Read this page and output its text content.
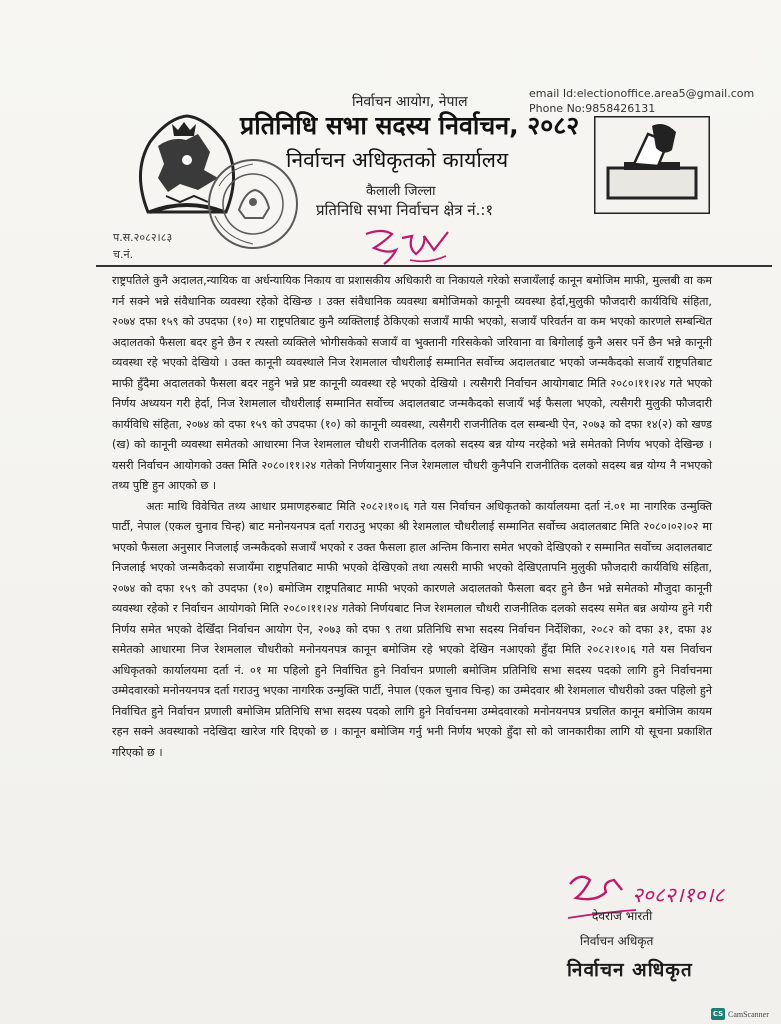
निर्वाचन आयोग, नेपाल
प्रतिनिधि सभा सदस्य निर्वाचन, २०८२
निर्वाचन अधिकृतको कार्यालय
कैलाली जिल्ला
प्रतिनिधि सभा निर्वाचन क्षेत्र नं.:१
email Id:electionoffice.area5@gmail.com
Phone No:9858426131
प.स.२०८२।८३
च.नं.

राष्ट्रपतिले कुनै अदालत,न्यायिक वा अर्धन्यायिक निकाय वा प्रशासकीय अधिकारी वा निकायले गरेको सजायँलाई कानून बमोजिम माफी, मुल्तबी वा कम गर्न सक्ने भन्ने संवैधानिक व्यवस्था रहेको देखिन्छ । उक्त संवैधानिक व्यवस्था बमोजिमको कानूनी व्यवस्था हेर्दा,मुलुकी फौजदारी कार्यविधि संहिता, २०७४ दफा १५९ को उपदफा (१०) मा राष्ट्रपतिबाट कुनै व्यक्तिलाई ठेकिएको सजायँ माफी भएको, सजायँ परिवर्तन वा कम भएको कारणले सम्बन्धित अदालतको फैसला बदर हुने छैन र त्यस्तो व्यक्तिले भोगीसकेको सजायँ वा भुक्तानी गरिसकेको जरिवाना वा बिगोलाई कुनै असर पर्ने छैन भन्ने कानूनी व्यवस्था रहे भएको देखियो । उक्त कानूनी व्यवस्थाले निज रेशमलाल चौधरीलाई सम्मानित सर्वोच्च अदालतबाट भएको जन्मकैदको सजायँ राष्ट्रपतिबाट माफी हुँदैमा अदालतको फैसला बदर नहुने भन्ने प्रष्ट कानूनी व्यवस्था रहे भएको देखियो । त्यसैगरी निर्वाचन आयोगबाट मिति २०८०।११।२४ गते भएको निर्णय अध्ययन गरी हेर्दा, निज रेशमलाल चौधरीलाई सम्मानित सर्वोच्च अदालतबाट जन्मकैदको सजायँ भई फैसला भएको, त्यसैगरी मुलुकी फौजदारी कार्यविधि संहिता, २०७४ को दफा १५९ को उपदफा (१०) को कानूनी व्यवस्था, त्यसैगरी राजनीतिक दल सम्बन्धी ऐन, २०७३ को दफा १४(२) को खण्ड (ख) को कानूनी व्यवस्था समेतको आधारमा निज रेशमलाल चौधरी राजनीतिक दलको सदस्य बन्न योग्य नरहेको भन्ने समेतको निर्णय भएको देखिन्छ । यसरी निर्वाचन आयोगको उक्त मिति २०८०।११।२४ गतेको निर्णयानुसार निज रेशमलाल चौधरी कुनैपनि राजनीतिक दलको सदस्य बन्न योग्य नै नभएको तथ्य पुष्टि हुन आएको छ ।

अतः माथि विवेचित तथ्य आधार प्रमाणहरुबाट मिति २०८२।१०।६ गते यस निर्वाचन अधिकृतको कार्यालयमा दर्ता नं.०१ मा नागरिक उन्मुक्ति पार्टी, नेपाल (एकल चुनाव चिन्ह) बाट मनोनयनपत्र दर्ता गराउनु भएका श्री रेशमलाल चौधरीलाई सम्मानित सर्वोच्च अदालतबाट मिति २०८०।०२।०२ मा भएको फैसला अनुसार निजलाई जन्मकैदको सजायँ भएको र उक्त फैसला हाल अन्तिम किनारा समेत भएको देखिएको र सम्मानित सर्वोच्च अदालतबाट निजलाई भएको जन्मकैदको सजायँमा राष्ट्रपतिबाट माफी भएको देखिएको तथा त्यसरी माफी भएको देखिएतापनि मुलुकी फौजदारी कार्यविधि संहिता, २०७४ को दफा १५९ को उपदफा (१०) बमोजिम राष्ट्रपतिबाट माफी भएको कारणले अदालतको फैसला बदर हुने छैन भन्ने समेतको मौजुदा कानूनी व्यवस्था रहेको र निर्वाचन आयोगको मिति २०८०।११।२४ गतेको निर्णयबाट निज रेशमलाल चौधरी राजनीतिक दलको सदस्य समेत बन्न अयोग्य हुने गरी निर्णय समेत भएको देखिँदा निर्वाचन आयोग ऐन, २०७३ को दफा ९ तथा प्रतिनिधि सभा सदस्य निर्वाचन निर्देशिका, २०८२ को दफा ३१, दफा ३४ समेतको आधारमा निज रेशमलाल चौधरीको मनोनयनपत्र कानून बमोजिम रहे भएको देखिन नआएको हुँदा मिति २०८२।१०।६ गते यस निर्वाचन अधिकृतको कार्यालयमा दर्ता नं. ०१ मा पहिलो हुने निर्वाचित हुने निर्वाचन प्रणाली बमोजिम प्रतिनिधि सभा सदस्य पदको लागि हुने निर्वाचनमा उम्मेदवारको मनोनयनपत्र दर्ता गराउनु भएका नागरिक उन्मुक्ति पार्टी, नेपाल (एकल चुनाव चिन्ह) का उम्मेदवार श्री रेशमलाल चौधरीको उक्त पहिलो हुने निर्वाचित हुने निर्वाचन प्रणाली बमोजिम प्रतिनिधि सभा सदस्य पदको लागि हुने निर्वाचनमा उम्मेदवारको मनोनयनपत्र प्रचलित कानून बमोजिम कायम रहन सक्ने अवस्थाको नदेखिदा खारेज गरि दिएको छ । कानून बमोजिम गर्नु भनी निर्णय भएको हुँदा सो को जानकारीका लागि यो सूचना प्रकाशित गरिएको छ ।

२०८२।१०।८
देवराज भारती
निर्वाचन अधिकृत
निर्वाचन अधिकृत
CS CamScanner
